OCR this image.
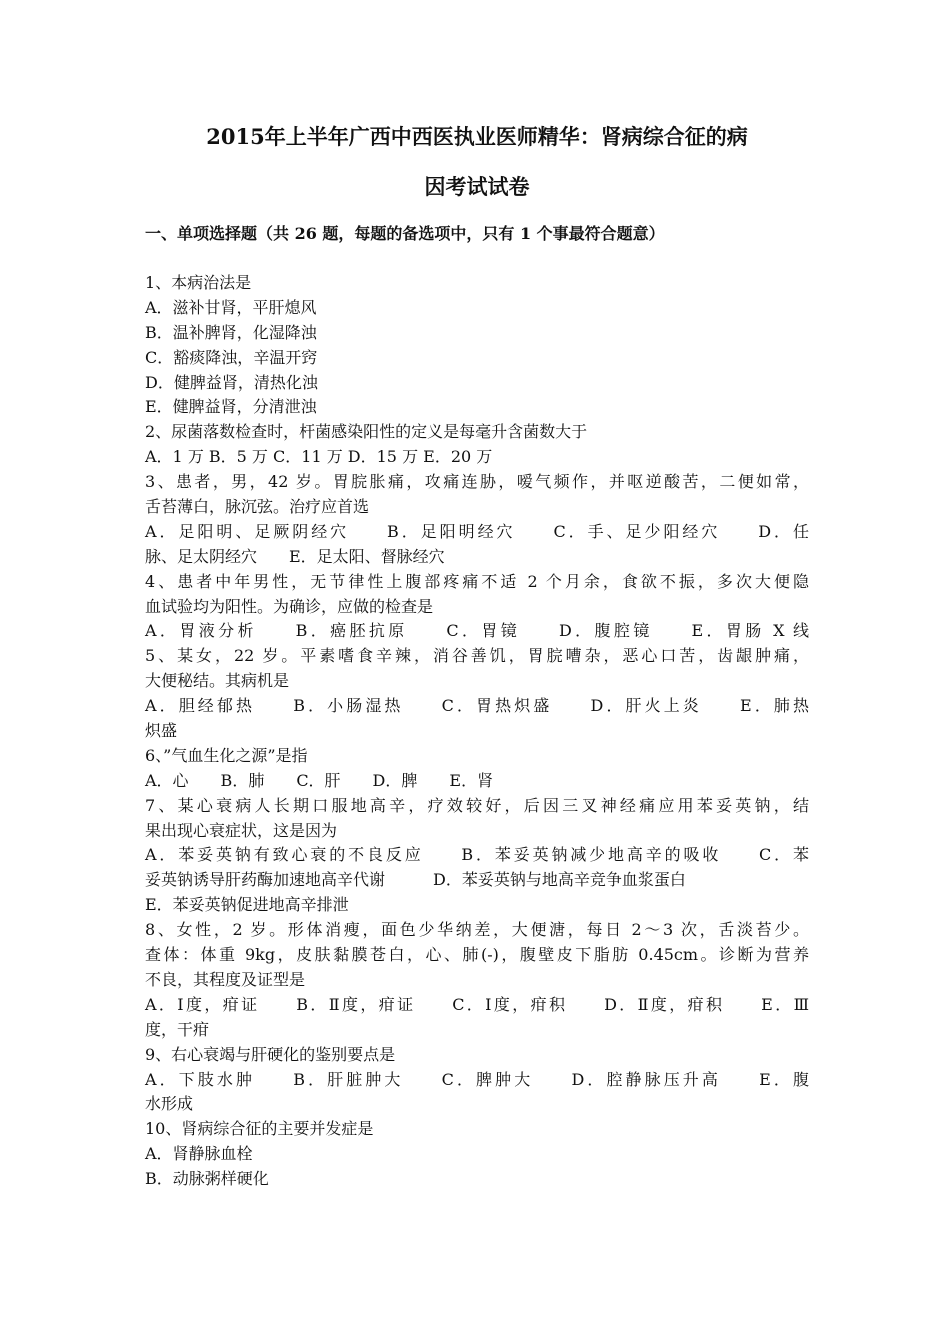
2015年上半年广西中西医执业医师精华：肾病综合征的病
因考试试卷
一、单项选择题（共 26 题，每题的备选项中，只有 1 个事最符合题意）
1、本病治法是
A．滋补甘肾，平肝熄风
B．温补脾肾，化湿降浊
C．豁痰降浊，辛温开窍
D．健脾益肾，清热化浊
E．健脾益肾，分清泄浊
2、尿菌落数检查时，杆菌感染阳性的定义是每毫升含菌数大于
A．1 万 B．5 万 C．11 万 D．15 万 E．20 万
3、患者，男，42 岁。胃脘胀痛，攻痛连胁，嗳气频作，并呕逆酸苦，二便如常，
舌苔薄白，脉沉弦。治疗应首选
A．足阳明、足厥阴经穴　　B．足阳明经穴　　C．手、足少阳经穴　　D．任
脉、足太阴经穴　　E．足太阳、督脉经穴
4、患者中年男性，无节律性上腹部疼痛不适 2 个月余，食欲不振，多次大便隐
血试验均为阳性。为确诊，应做的检查是
A．胃液分析　　B．癌胚抗原　　C．胃镜　　D．腹腔镜　　E．胃肠 X 线
5、某女，22 岁。平素嗜食辛辣，消谷善饥，胃脘嘈杂，恶心口苦，齿龈肿痛，
大便秘结。其病机是
A．胆经郁热　　B．小肠湿热　　C．胃热炽盛　　D．肝火上炎　　E．肺热
炽盛
6、”气血生化之源”是指
A．心　　B．肺　　C．肝　　D．脾　　E．肾
7、某心衰病人长期口服地高辛，疗效较好，后因三叉神经痛应用苯妥英钠，结
果出现心衰症状，这是因为
A．苯妥英钠有致心衰的不良反应　　B．苯妥英钠减少地高辛的吸收　　C．苯
妥英钠诱导肝药酶加速地高辛代谢　　　D．苯妥英钠与地高辛竞争血浆蛋白
E．苯妥英钠促进地高辛排泄
8、女性，2 岁。形体消瘦，面色少华纳差，大便溏，每日 2～3 次，舌淡苔少。
查体：体重 9kg，皮肤黏膜苍白，心、肺(-)，腹壁皮下脂肪 0.45cm。诊断为营养
不良，其程度及证型是
A．Ⅰ度，疳证　　B．Ⅱ度，疳证　　C．Ⅰ度，疳积　　D．Ⅱ度，疳积　　E．Ⅲ
度，干疳
9、右心衰竭与肝硬化的鉴别要点是
A．下肢水肿　　B．肝脏肿大　　C．脾肿大　　D．腔静脉压升高　　E．腹
水形成
10、肾病综合征的主要并发症是
A．肾静脉血栓
B．动脉粥样硬化
